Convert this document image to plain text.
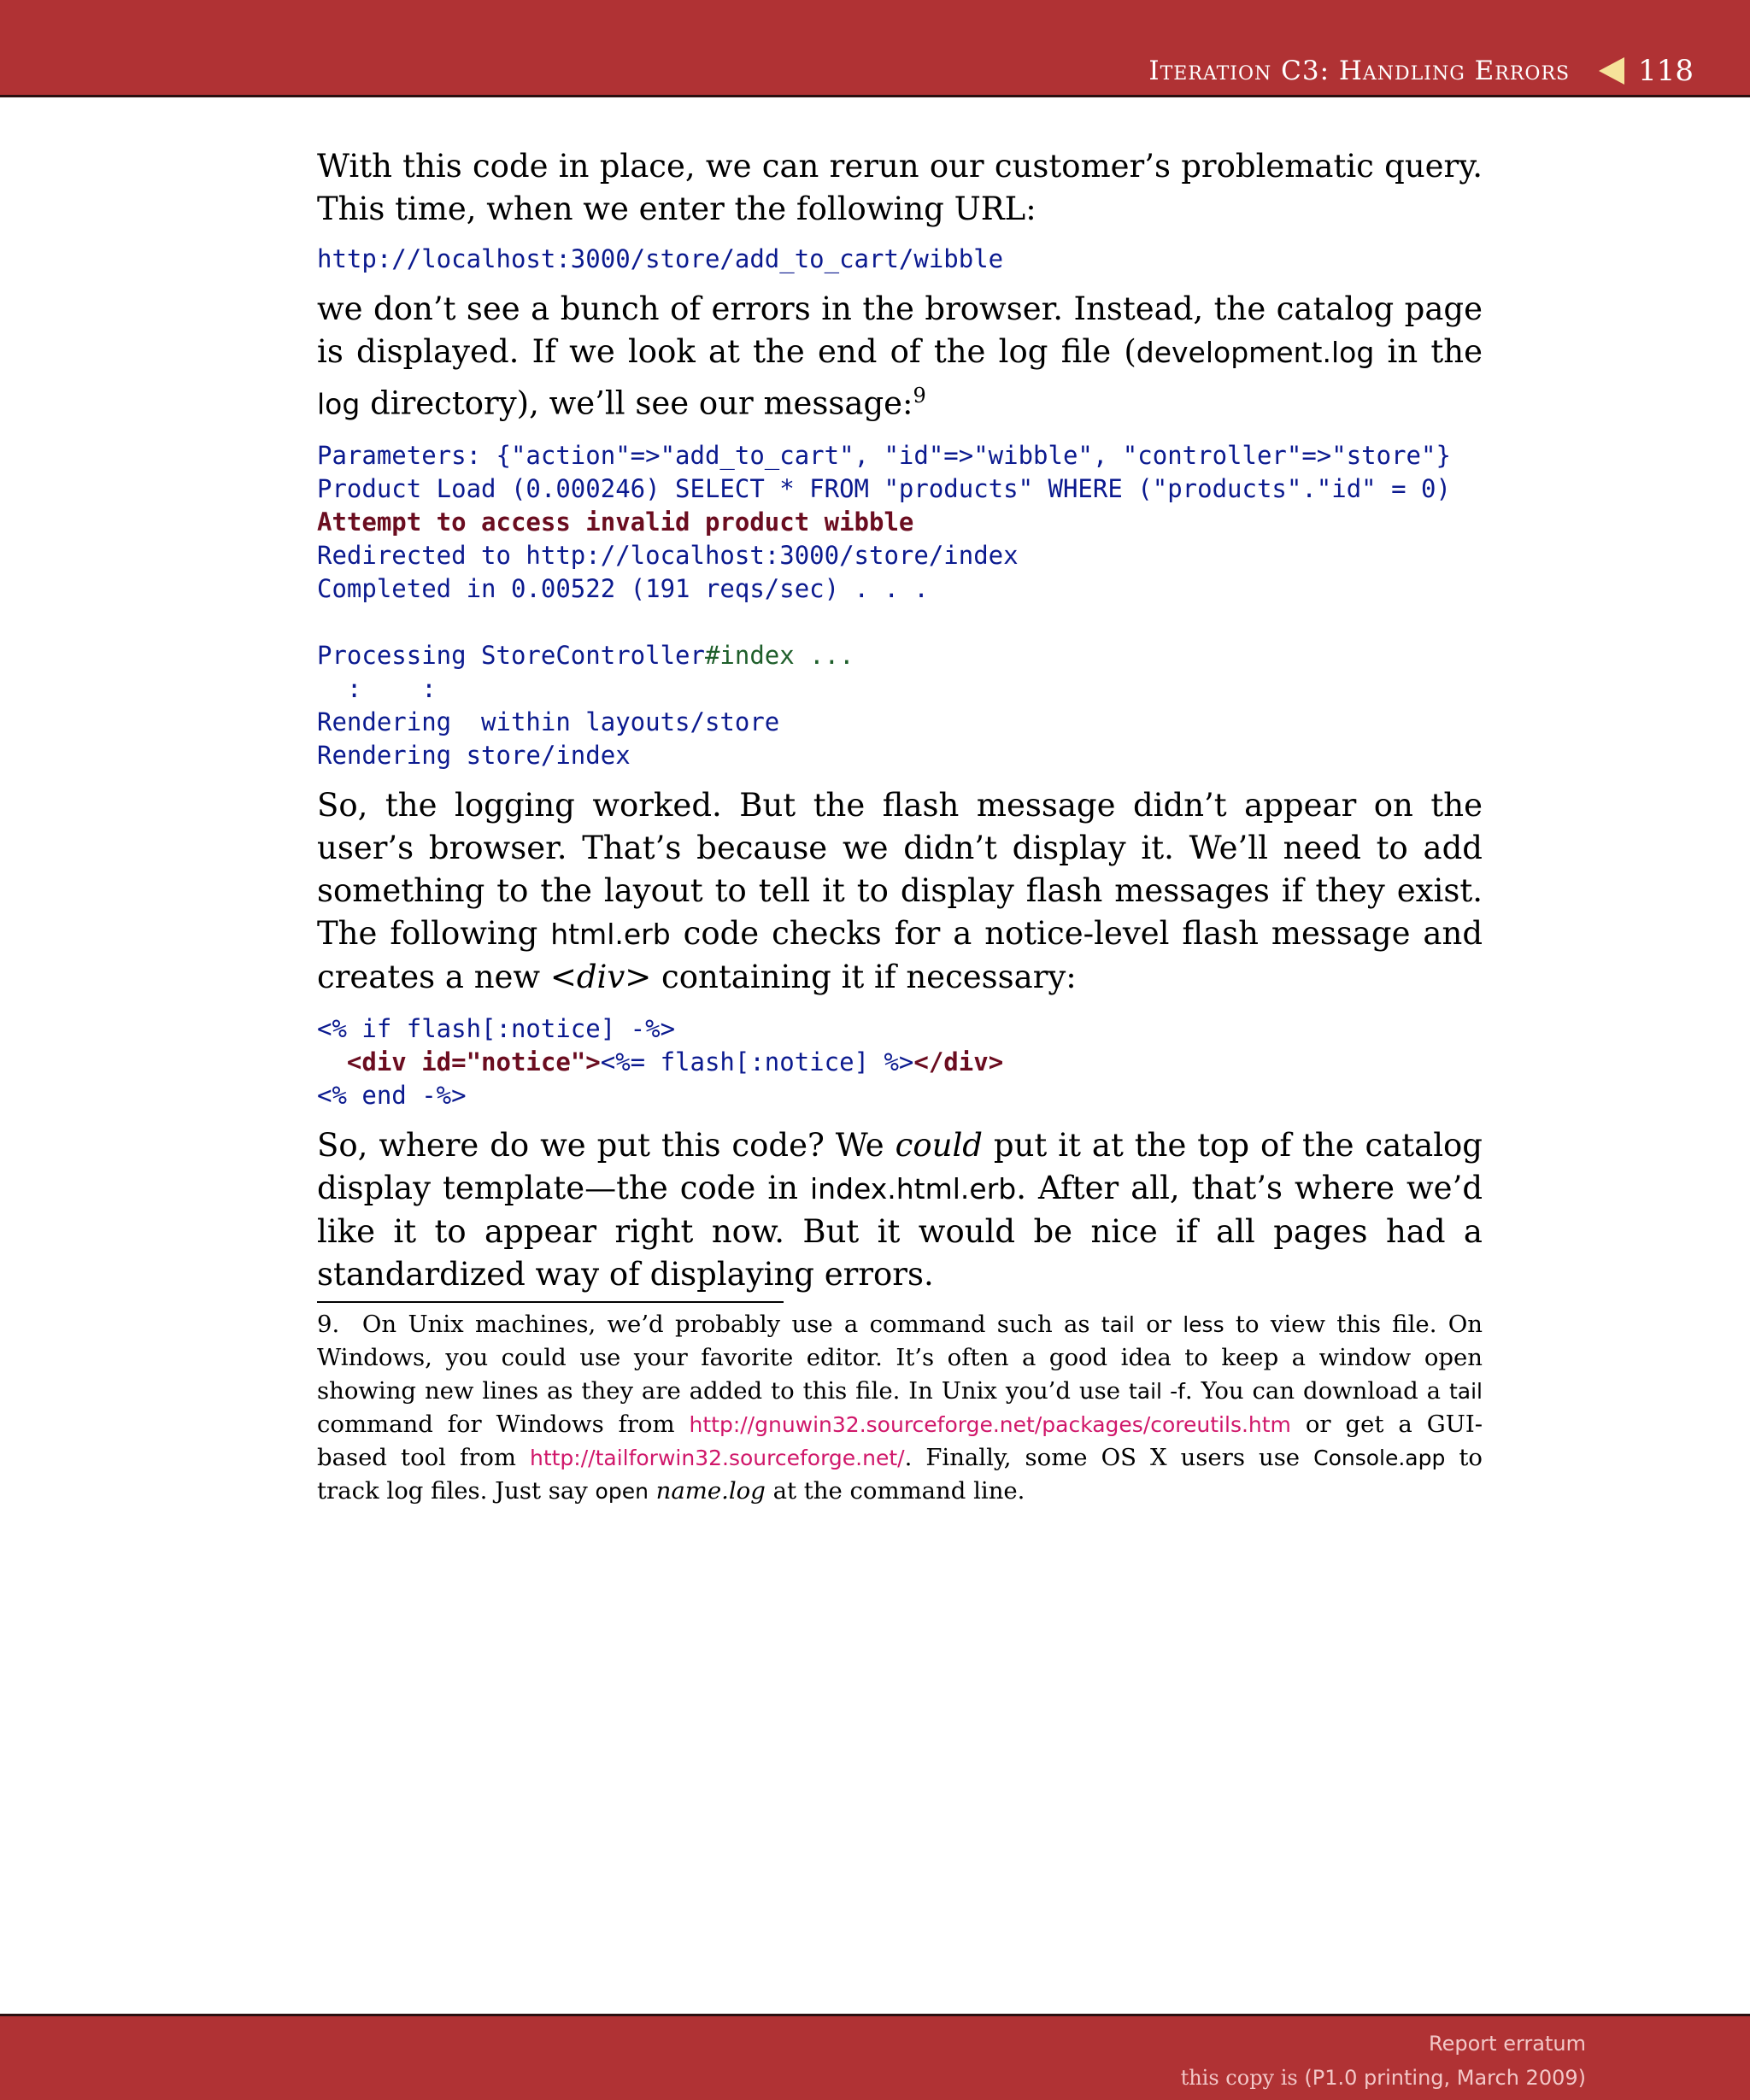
Iteration C3: Handling Errors 118

With this code in place, we can rerun our customer’s problematic query. This time, when we enter the following URL:

http://localhost:3000/store/add_to_cart/wibble

we don’t see a bunch of errors in the browser. Instead, the catalog page is displayed. If we look at the end of the log file (development.log in the log directory), we’ll see our message:$^9$

Parameters: {"action"=>"add_to_cart", "id"=>"wibble", "controller"=>"store"}
Product Load (0.000246) SELECT * FROM "products" WHERE ("products"."id" = 0)
Attempt to access invalid product wibble
Redirected to http://localhost:3000/store/index
Completed in 0.00522 (191 reqs/sec) . . .

Processing StoreController#index ...
:    :
Rendering  within layouts/store
Rendering store/index

So, the logging worked. But the flash message didn’t appear on the user’s browser. That’s because we didn’t display it. We’ll need to add something to the layout to tell it to display flash messages if they exist. The following html.erb code checks for a notice-level flash message and creates a new <div> containing it if necessary:

<% if flash[:notice] -%>
<div id="notice"><%= flash[:notice] %></div>
<% end -%>

So, where do we put this code? We could put it at the top of the catalog display template—the code in index.html.erb. After all, that’s where we’d like it to appear right now. But it would be nice if all pages had a standardized way of displaying errors.

9. On Unix machines, we’d probably use a command such as tail or less to view this file. On Windows, you could use your favorite editor. It’s often a good idea to keep a window open showing new lines as they are added to this file. In Unix you’d use tail -f. You can download a tail command for Windows from http://gnuwin32.sourceforge.net/packages/coreutils.htm or get a GUI-based tool from http://tailforwin32.sourceforge.net/. Finally, some OS X users use Console.app to track log files. Just say open name.log at the command line.

Report erratum
this copy is (P1.0 printing, March 2009)
